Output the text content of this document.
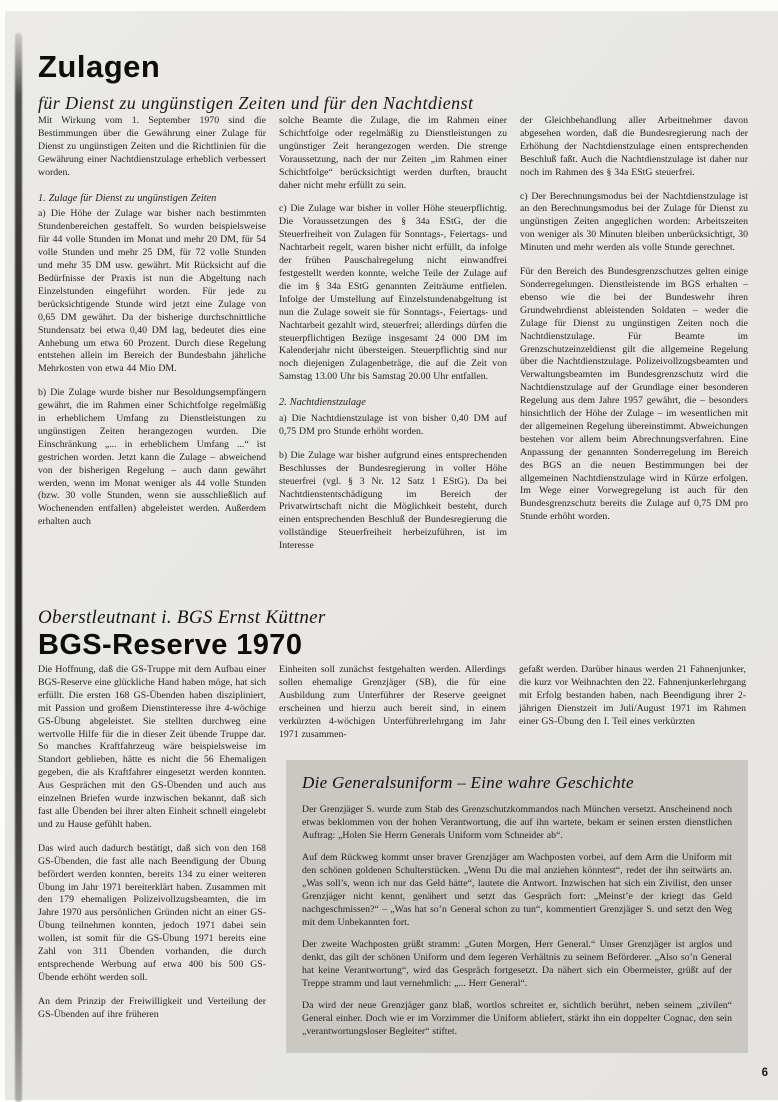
Zulagen
für Dienst zu ungünstigen Zeiten und für den Nachtdienst

Mit Wirkung vom 1. September 1970 sind die Bestimmungen über die Gewährung einer Zulage für Dienst zu ungünstigen Zeiten und die Richtlinien für die Gewährung einer Nachtdienstzulage erheblich verbessert worden.

1. Zulage für Dienst zu ungünstigen Zeiten

a) Die Höhe der Zulage war bisher nach bestimmten Stundenbereichen gestaffelt. So wurden beispielsweise für 44 volle Stunden im Monat und mehr 20 DM, für 54 volle Stunden und mehr 25 DM, für 72 volle Stunden und mehr 35 DM usw. gewährt. Mit Rücksicht auf die Bedürfnisse der Praxis ist nun die Abgeltung nach Einzelstunden eingeführt worden. Für jede zu berücksichtigende Stunde wird jetzt eine Zulage von 0,65 DM gewährt. Da der bisherige durchschnittliche Stundensatz bei etwa 0,40 DM lag, bedeutet dies eine Anhebung um etwa 60 Prozent. Durch diese Regelung entstehen allein im Bereich der Bundesbahn jährliche Mehrkosten von etwa 44 Mio DM.

b) Die Zulage wurde bisher nur Besoldungsempfängern gewährt, die im Rahmen einer Schichtfolge regelmäßig in erheblichem Umfang zu Dienstleistungen zu ungünstigen Zeiten herangezogen wurden. Die Einschränkung „... in erheblichem Umfang ...“ ist gestrichen worden. Jetzt kann die Zulage – abweichend von der bisherigen Regelung – auch dann gewährt werden, wenn im Monat weniger als 44 volle Stunden (bzw. 30 volle Stunden, wenn sie ausschließlich auf Wochenenden entfallen) abgeleistet werden. Außerdem erhalten auch

solche Beamte die Zulage, die im Rahmen einer Schichtfolge oder regelmäßig zu Dienstleistungen zu ungünstiger Zeit herangezogen werden. Die strenge Voraussetzung, nach der nur Zeiten „im Rahmen einer Schichtfolge“ berücksichtigt werden durften, braucht daher nicht mehr erfüllt zu sein.

c) Die Zulage war bisher in voller Höhe steuerpflichtig. Die Voraussetzungen des § 34a EStG, der die Steuerfreiheit von Zulagen für Sonntags-, Feiertags- und Nachtarbeit regelt, waren bisher nicht erfüllt, da infolge der frühen Pauschalregelung nicht einwandfrei festgestellt werden konnte, welche Teile der Zulage auf die im § 34a EStG genannten Zeiträume entfielen. Infolge der Umstellung auf Einzelstundenabgeltung ist nun die Zulage soweit sie für Sonntags-, Feiertags- und Nachtarbeit gezahlt wird, steuerfrei; allerdings dürfen die steuerpflichtigen Bezüge insgesamt 24 000 DM im Kalenderjahr nicht übersteigen. Steuerpflichtig sind nur noch diejenigen Zulagenbeträge, die auf die Zeit von Samstag 13.00 Uhr bis Samstag 20.00 Uhr entfallen.

2. Nachtdienstzulage

a) Die Nachtdienstzulage ist von bisher 0,40 DM auf 0,75 DM pro Stunde erhöht worden.

b) Die Zulage war bisher aufgrund eines entsprechenden Beschlusses der Bundesregierung in voller Höhe steuerfrei (vgl. § 3 Nr. 12 Satz 1 EStG). Da bei Nachtdienstentschädigung im Bereich der Privatwirtschaft nicht die Möglichkeit besteht, durch einen entsprechenden Beschluß der Bundesregierung die vollständige Steuerfreiheit herbeizuführen, ist im Interesse

der Gleichbehandlung aller Arbeitnehmer davon abgesehen worden, daß die Bundesregierung nach der Erhöhung der Nachtdienstzulage einen entsprechenden Beschluß faßt. Auch die Nachtdienstzulage ist daher nur noch im Rahmen des § 34a EStG steuerfrei.

c) Der Berechnungsmodus bei der Nachtdienstzulage ist an den Berechnungsmodus bei der Zulage für Dienst zu ungünstigen Zeiten angeglichen worden: Arbeitszeiten von weniger als 30 Minuten bleiben unberücksichtigt, 30 Minuten und mehr werden als volle Stunde gerechnet.

Für den Bereich des Bundesgrenzschutzes gelten einige Sonderregelungen. Dienstleistende im BGS erhalten – ebenso wie die bei der Bundeswehr ihren Grundwehrdienst ableistenden Soldaten – weder die Zulage für Dienst zu ungünstigen Zeiten noch die Nachtdienstzulage. Für Beamte im Grenzschutzeinzeldienst gilt die allgemeine Regelung über die Nachtdienstzulage. Polizeivollzugsbeamten und Verwaltungsbeamten im Bundesgrenzschutz wird die Nachtdienstzulage auf der Grundlage einer besonderen Regelung aus dem Jahre 1957 gewährt, die – besonders hinsichtlich der Höhe der Zulage – im wesentlichen mit der allgemeinen Regelung übereinstimmt. Abweichungen bestehen vor allem beim Abrechnungsverfahren. Eine Anpassung der genannten Sonderregelung im Bereich des BGS an die neuen Bestimmungen bei der allgemeinen Nachtdienstzulage wird in Kürze erfolgen. Im Wege einer Vorwegregelung ist auch für den Bundesgrenzschutz bereits die Zulage auf 0,75 DM pro Stunde erhöht worden.

Oberstleutnant i. BGS Ernst Küttner
BGS-Reserve 1970

Die Hoffnung, daß die GS-Truppe mit dem Aufbau einer BGS-Reserve eine glückliche Hand haben möge, hat sich erfüllt. Die ersten 168 GS-Übenden haben diszipliniert, mit Passion und großem Dienstinteresse ihre 4-wöchige GS-Übung abgeleistet. Sie stellten durchweg eine wertvolle Hilfe für die in dieser Zeit übende Truppe dar. So manches Kraftfahrzeug wäre beispielsweise im Standort geblieben, hätte es nicht die 56 Ehemaligen gegeben, die als Kraftfahrer eingesetzt werden konnten. Aus Gesprächen mit den GS-Übenden und auch aus einzelnen Briefen wurde inzwischen bekannt, daß sich fast alle Übenden bei ihrer alten Einheit schnell eingelebt und zu Hause gefühlt haben.

Das wird auch dadurch bestätigt, daß sich von den 168 GS-Übenden, die fast alle nach Beendigung der Übung befördert werden konnten, bereits 134 zu einer weiteren Übung im Jahr 1971 bereiterklärt haben. Zusammen mit den 179 ehemaligen Polizeivollzugsbeamten, die im Jahre 1970 aus persönlichen Gründen nicht an einer GS-Übung teilnehmen konnten, jedoch 1971 dabei sein wollen, ist somit für die GS-Übung 1971 bereits eine Zahl von 311 Übenden vorhanden, die durch entsprechende Werbung auf etwa 400 bis 500 GS-Übende erhöht werden soll.

An dem Prinzip der Freiwilligkeit und Verteilung der GS-Übenden auf ihre früheren

Einheiten soll zunächst festgehalten werden. Allerdings sollen ehemalige Grenzjäger (SB), die für eine Ausbildung zum Unterführer der Reserve geeignet erscheinen und hierzu auch bereit sind, in einem verkürzten 4-wöchigen Unterführerlehrgang im Jahr 1971 zusammen-

gefaßt werden. Darüber hinaus werden 21 Fahnenjunker, die kurz vor Weihnachten den 22. Fahnenjunkerlehrgang mit Erfolg bestanden haben, nach Beendigung ihrer 2-jährigen Dienstzeit im Juli/August 1971 im Rahmen einer GS-Übung den I. Teil eines verkürzten

Die Generalsuniform – Eine wahre Geschichte

Der Grenzjäger S. wurde zum Stab des Grenzschutzkommandos nach München versetzt. Anscheinend noch etwas beklommen von der hohen Verantwortung, die auf ihn wartete, bekam er seinen ersten dienstlichen Auftrag: „Holen Sie Herrn Generals Uniform vom Schneider ab“.

Auf dem Rückweg kommt unser braver Grenzjäger am Wachposten vorbei, auf dem Arm die Uniform mit den schönen goldenen Schulterstücken. „Wenn Du die mal anziehen könntest“, redet der ihn seitwärts an. „Was soll’s, wenn ich nur das Geld hätte“, lautete die Antwort. Inzwischen hat sich ein Zivilist, den unser Grenzjäger nicht kennt, genähert und setzt das Gespräch fort: „Meinst’e der kriegt das Geld nachgeschmissen?“ – „Was hat so’n General schon zu tun“, kommentiert Grenzjäger S. und setzt den Weg mit dem Unbekannten fort.

Der zweite Wachposten grüßt stramm: „Guten Morgen, Herr General.“ Unser Grenzjäger ist arglos und denkt, das gilt der schönen Uniform und dem legeren Verhältnis zu seinem Beförderer. „Also so’n General hat keine Verantwortung“, wird das Gespräch fortgesetzt. Da nähert sich ein Obermeister, grüßt auf der Treppe stramm und laut vernehmlich: „... Herr General“.

Da wird der neue Grenzjäger ganz blaß, wortlos schreitet er, sichtlich berührt, neben seinem „zivilen“ General einher. Doch wie er im Vorzimmer die Uniform abliefert, stärkt ihn ein doppelter Cognac, den sein „verantwortungsloser Begleiter“ stiftet.

6
